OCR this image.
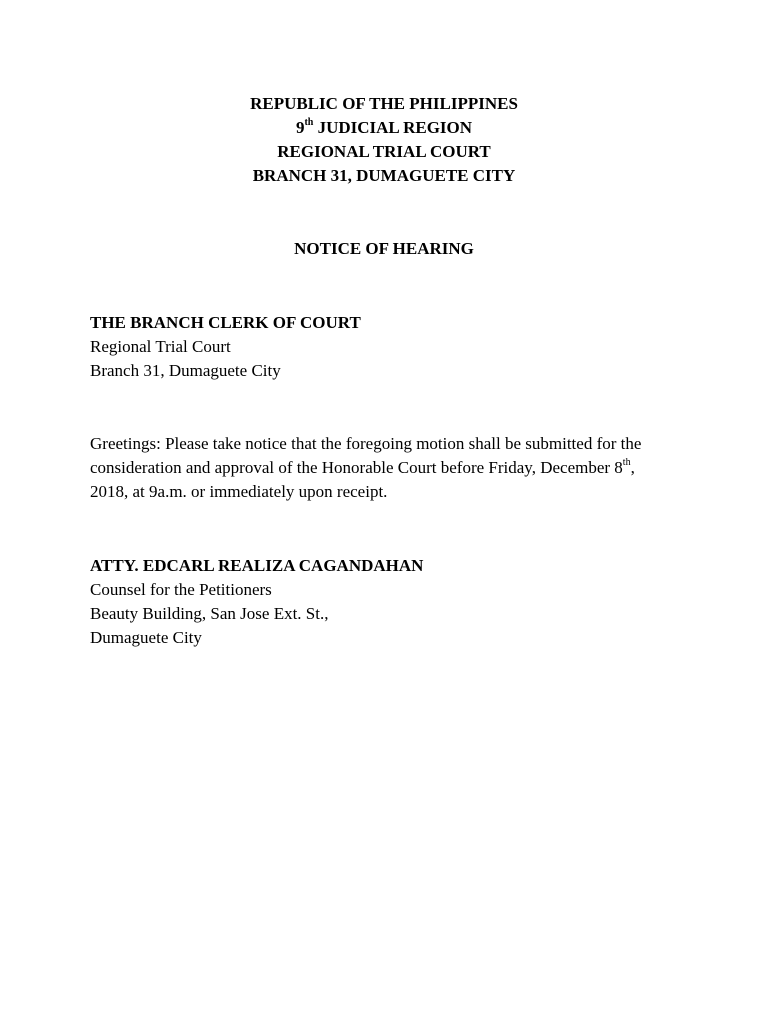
REPUBLIC OF THE PHILIPPINES
9th JUDICIAL REGION
REGIONAL TRIAL COURT
BRANCH 31, DUMAGUETE CITY
NOTICE OF HEARING
THE BRANCH CLERK OF COURT
Regional Trial Court
Branch 31, Dumaguete City
Greetings: Please take notice that the foregoing motion shall be submitted for the
consideration and approval of the Honorable Court before Friday, December 8th,
2018, at 9a.m. or immediately upon receipt.
ATTY. EDCARL REALIZA CAGANDAHAN
Counsel for the Petitioners
Beauty Building, San Jose Ext. St.,
Dumaguete City
